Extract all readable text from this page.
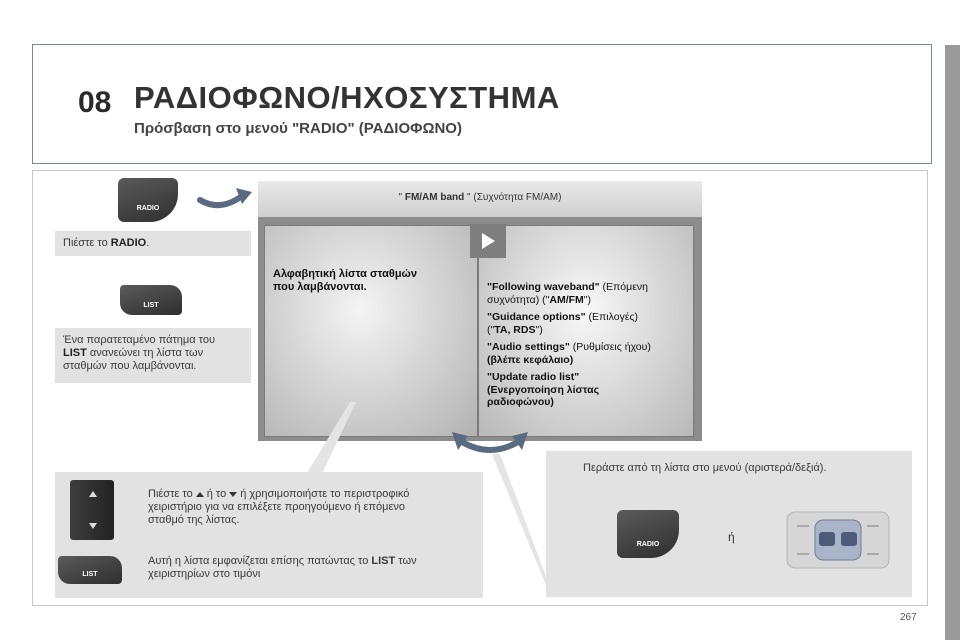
08 ΡΑΔΙΟΦΩΝΟ/ΗΧΟΣΥΣΤΗΜΑ
Πρόσβαση στο μενού "RADIO" (ΡΑΔΙΟΦΩΝΟ)
RADIO
Πιέστε το RADIO.
LIST
Ένα παρατεταμένο πάτημα του
LIST ανανεώνει τη λίστα των
σταθμών που λαμβάνονται.
" FM/AM band " (Συχνότητα FM/AM)
Αλφαβητική λίστα σταθμών
που λαμβάνονται.	"Following waveband" (Επόμενη
συχνότητα) ("AM/FM")
"Guidance options" (Επιλογές)
("TA, RDS")
"Audio settings" (Ρυθμίσεις ήχου)
(βλέπε κεφάλαιο)
"Update radio list"
(Ενεργοποίηση λίστας
ραδιοφώνου)
Πιέστε το ή το ή χρησιμοποιήστε το περιστροφικό
χειριστήριο για να επιλέξετε προηγούμενο ή επόμενο
σταθμό της λίστας.
LIST
Αυτή η λίστα εμφανίζεται επίσης πατώντας το LIST των
χειριστηρίων στο τιμόνι
Περάστε από τη λίστα στο μενού (αριστερά/δεξιά).
RADIO
ή
267
